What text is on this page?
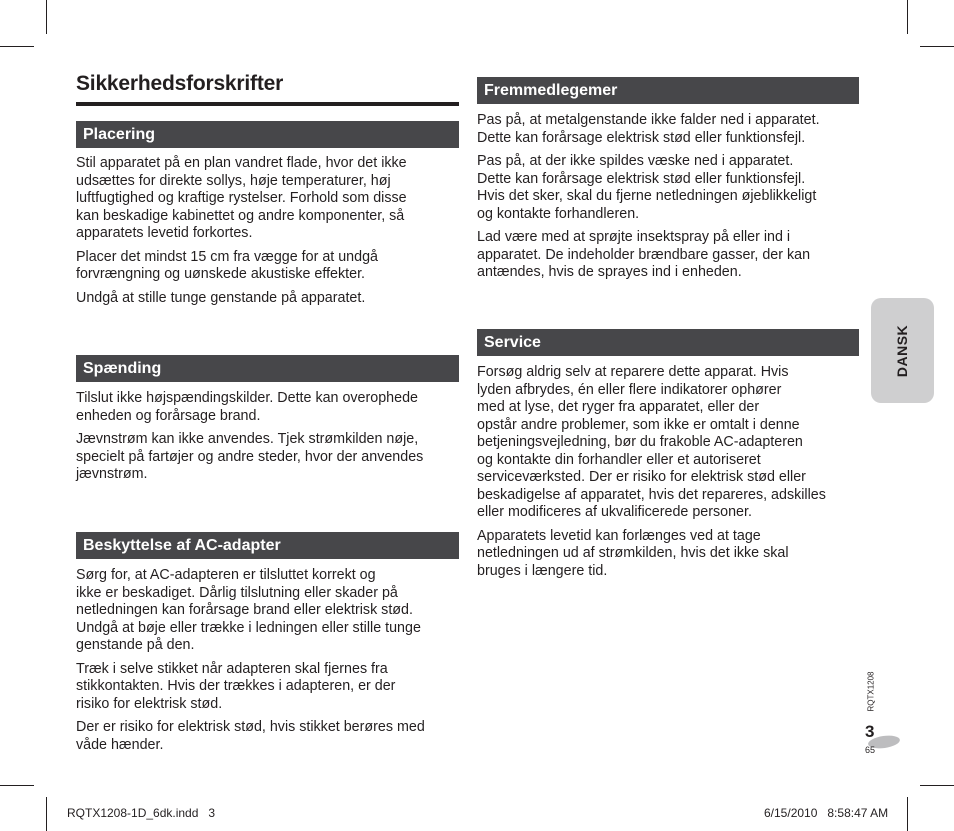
Sikkerhedsforskrifter
Placering

Stil apparatet på en plan vandret flade, hvor det ikke
udsættes for direkte sollys, høje temperaturer, høj
luftfugtighed og kraftige rystelser. Forhold som disse
kan beskadige kabinettet og andre komponenter, så
apparatets levetid forkortes.

Placer det mindst 15 cm fra vægge for at undgå
forvrængning og uønskede akustiske effekter.

Undgå at stille tunge genstande på apparatet.

Spænding

Tilslut ikke højspændingskilder. Dette kan overophede
enheden og forårsage brand.

Jævnstrøm kan ikke anvendes. Tjek strømkilden nøje,
specielt på fartøjer og andre steder, hvor der anvendes
jævnstrøm.

Beskyttelse af AC-adapter

Sørg for, at AC-adapteren er tilsluttet korrekt og
ikke er beskadiget. Dårlig tilslutning eller skader på
netledningen kan forårsage brand eller elektrisk stød.
Undgå at bøje eller trække i ledningen eller stille tunge
genstande på den.

Træk i selve stikket når adapteren skal fjernes fra
stikkontakten. Hvis der trækkes i adapteren, er der
risiko for elektrisk stød.

Der er risiko for elektrisk stød, hvis stikket berøres med
våde hænder.

Fremmedlegemer

Pas på, at metalgenstande ikke falder ned i apparatet.
Dette kan forårsage elektrisk stød eller funktionsfejl.

Pas på, at der ikke spildes væske ned i apparatet.
Dette kan forårsage elektrisk stød eller funktionsfejl.
Hvis det sker, skal du fjerne netledningen øjeblikkeligt
og kontakte forhandleren.

Lad være med at sprøjte insektspray på eller ind i
apparatet. De indeholder brændbare gasser, der kan
antændes, hvis de sprayes ind i enheden.

Service

Forsøg aldrig selv at reparere dette apparat. Hvis
lyden afbrydes, én eller flere indikatorer ophører
med at lyse, det ryger fra apparatet, eller der
opstår andre problemer, som ikke er omtalt i denne
betjeningsvejledning, bør du frakoble AC-adapteren
og kontakte din forhandler eller et autoriseret
serviceværksted. Der er risiko for elektrisk stød eller
beskadigelse af apparatet, hvis det repareres, adskilles
eller modificeres af ukvalificerede personer.

Apparatets levetid kan forlænges ved at tage
netledningen ud af strømkilden, hvis det ikke skal
bruges i længere tid.

DANSK
RQTX1208
3
65
RQTX1208-1D_6dk.indd   3	6/15/2010   8:58:47 AM
